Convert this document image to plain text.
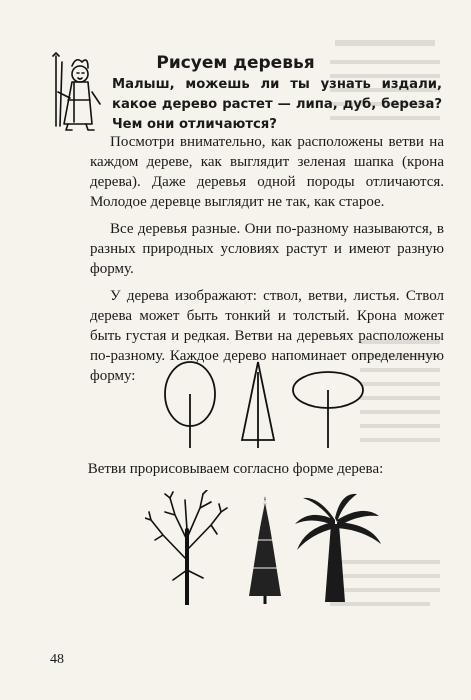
Рисуем деревья

Малыш, можешь ли ты узнать издали,
какое дерево растет — липа, дуб, береза? Чем они отличаются?

Посмотри внимательно, как расположены ветви на каждом дереве, как выглядит зеленая шапка (крона дерева). Даже деревья одной породы отличаются. Молодое деревце выглядит не так, как старое.

Все деревья разные. Они по-разному называются, в разных природных условиях растут и имеют разную форму.

У дерева изображают: ствол, ветви, листья. Ствол дерева может быть тонкий и толстый. Крона может быть густая и редкая. Ветви на деревьях расположены по-разному. Каждое дерево напоминает определенную форму:

Ветви прорисовываем согласно форме дерева:

48
